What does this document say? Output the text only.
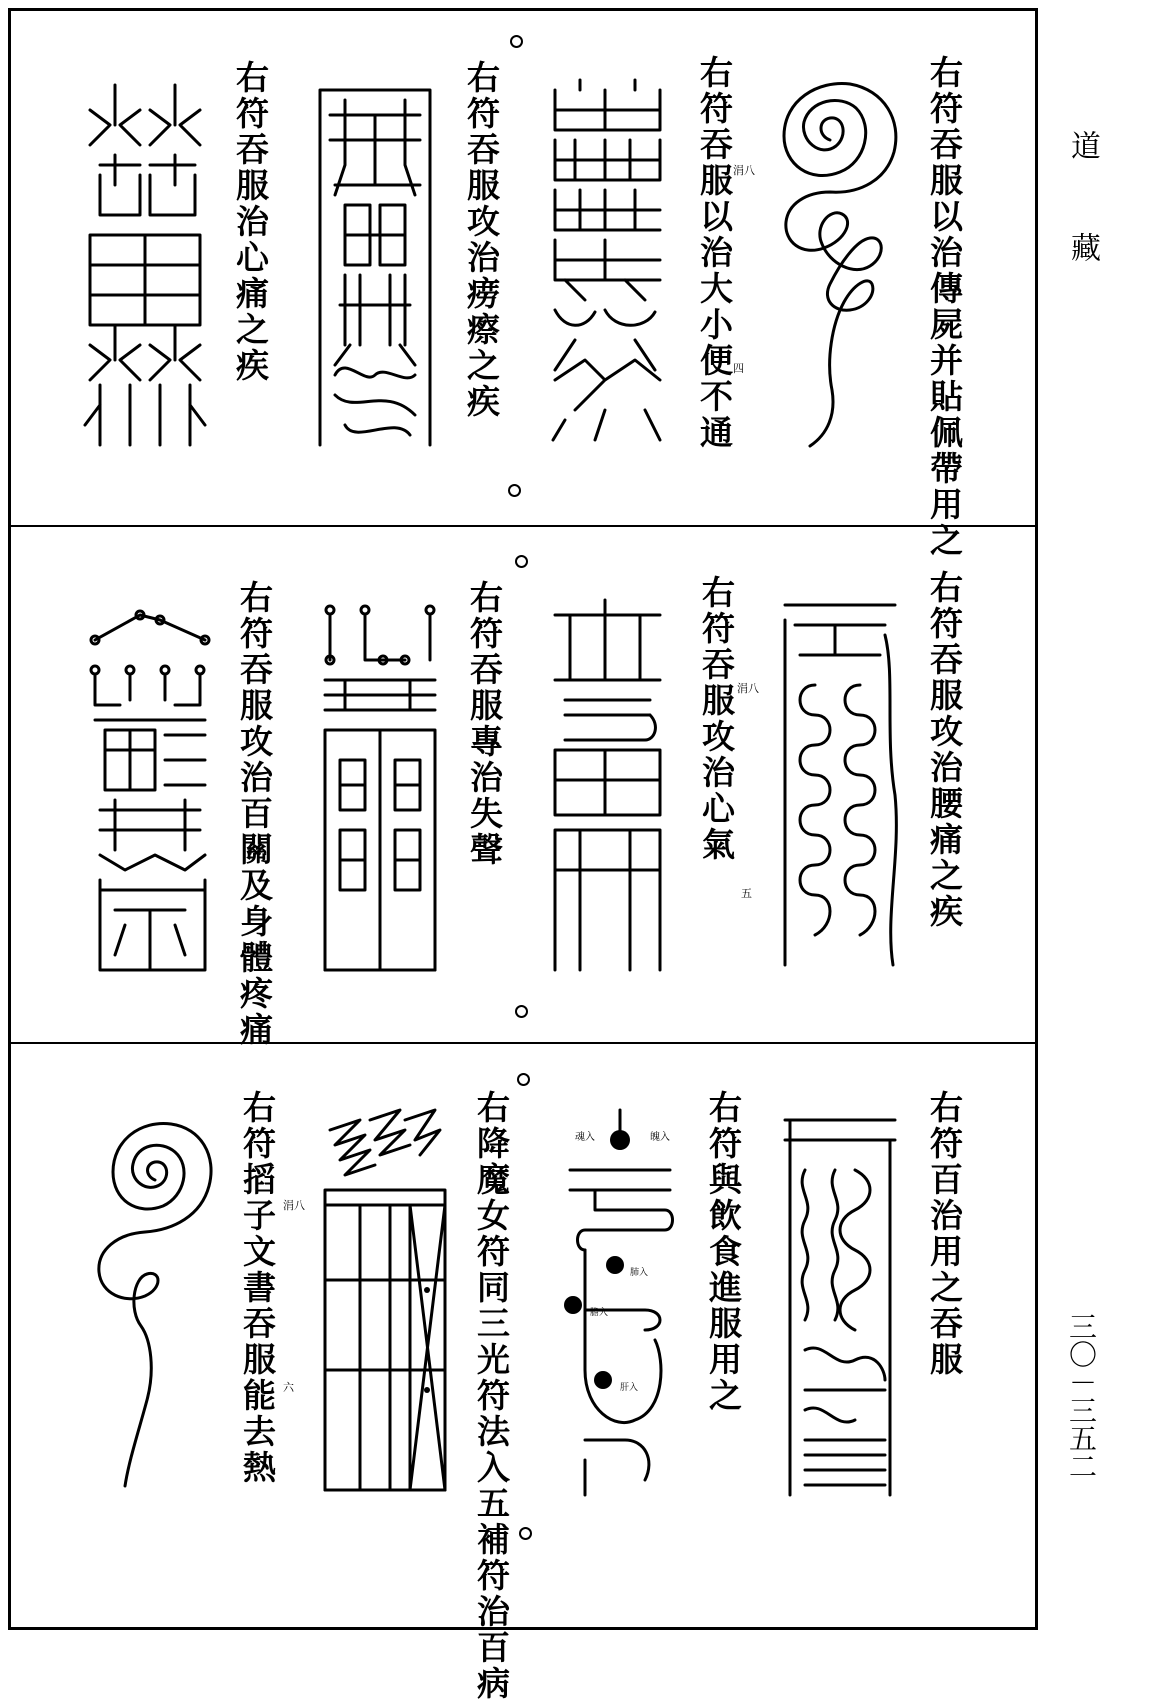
道
藏
三〇－三五二
右符吞服以治傳屍并貼佩帶用之
右符吞服以治大小便不通
右符吞服攻治痨瘵之疾
右符吞服治心痛之疾	涓八
四
右符吞服攻治腰痛之疾
右符吞服攻治心氣
右符吞服專治失聲
右符吞服攻治百關及身體疼痛	涓八
五
右符百治用之吞服
右符與飲食進服用之
右降魔女符同三光符法入五補符治百病
右符搯子文書吞服能去熱 涓八
六
魂入	魄入
肺入
膽入
肝入
